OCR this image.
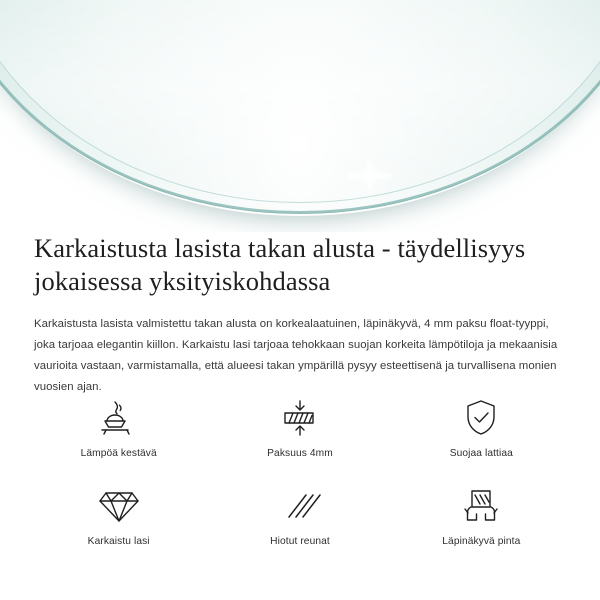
Karkaistusta lasista takan alusta - täydellisyys jokaisessa yksityiskohdassa

Karkaistusta lasista valmistettu takan alusta on korkealaatuinen, läpinäkyvä, 4 mm paksu float-tyyppi, joka tarjoaa elegantin kiillon. Karkaistu lasi tarjoaa tehokkaan suojan korkeita lämpötiloja ja mekaanisia vaurioita vastaan, varmistamalla, että alueesi takan ympärillä pysyy esteettisenä ja turvallisena monien vuosien ajan.

Lämpöä kestävä	Paksuus 4mm	Suojaa lattiaa
Karkaistu lasi	Hiotut reunat	Läpinäkyvä pinta
